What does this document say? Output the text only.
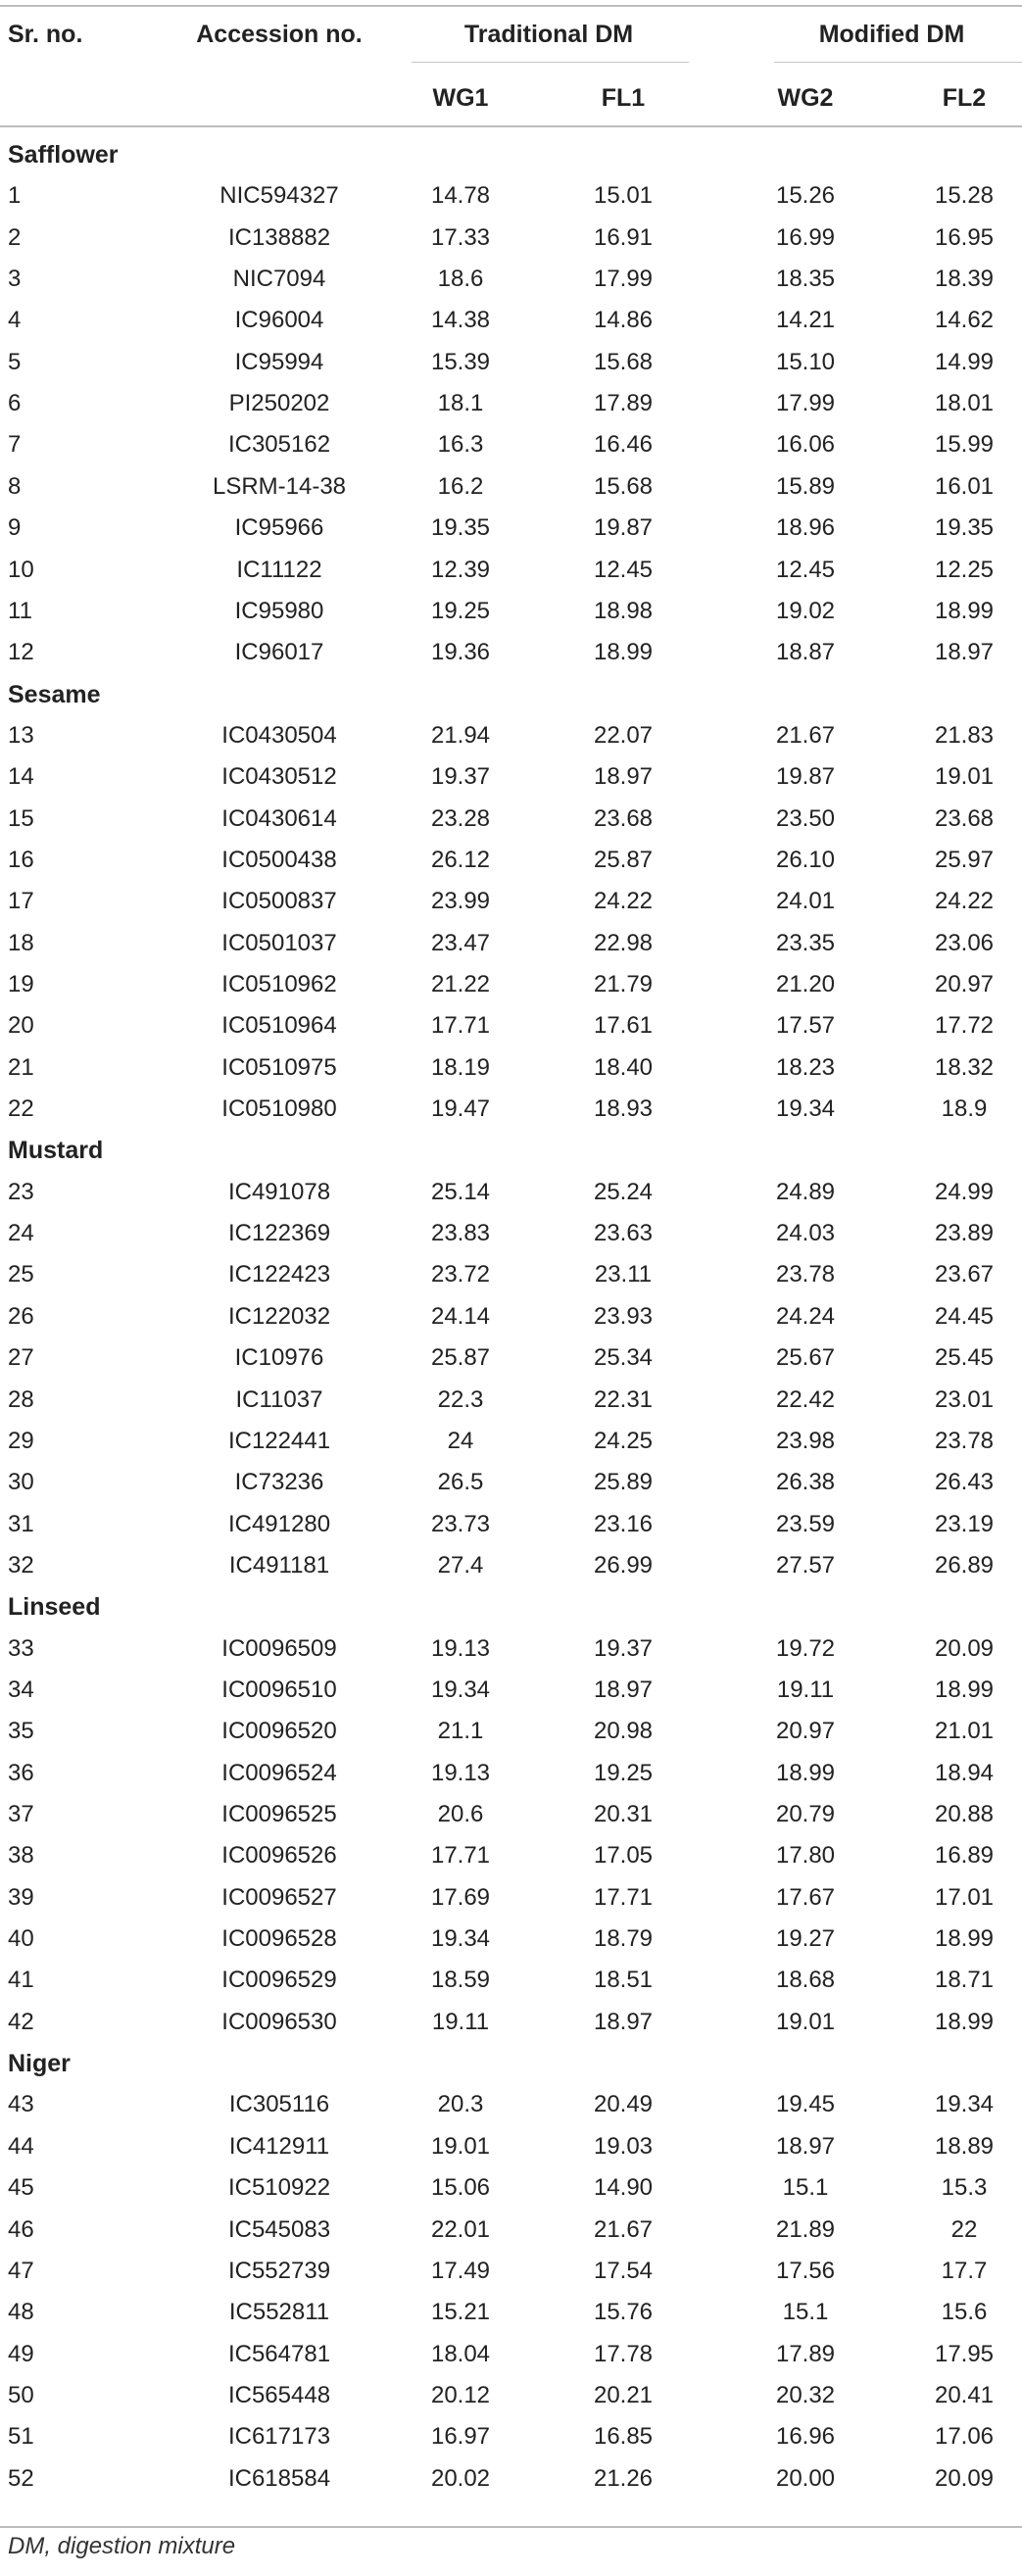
Sr. no.	Accession no.	Traditional DM	Modified DM
WG1	FL1	WG2	FL2
Safflower
1	NIC594327	14.78	15.01	15.26	15.28
2	IC138882	17.33	16.91	16.99	16.95
3	NIC7094	18.6	17.99	18.35	18.39
4	IC96004	14.38	14.86	14.21	14.62
5	IC95994	15.39	15.68	15.10	14.99
6	PI250202	18.1	17.89	17.99	18.01
7	IC305162	16.3	16.46	16.06	15.99
8	LSRM-14-38	16.2	15.68	15.89	16.01
9	IC95966	19.35	19.87	18.96	19.35
10	IC11122	12.39	12.45	12.45	12.25
11	IC95980	19.25	18.98	19.02	18.99
12	IC96017	19.36	18.99	18.87	18.97
Sesame
13	IC0430504	21.94	22.07	21.67	21.83
14	IC0430512	19.37	18.97	19.87	19.01
15	IC0430614	23.28	23.68	23.50	23.68
16	IC0500438	26.12	25.87	26.10	25.97
17	IC0500837	23.99	24.22	24.01	24.22
18	IC0501037	23.47	22.98	23.35	23.06
19	IC0510962	21.22	21.79	21.20	20.97
20	IC0510964	17.71	17.61	17.57	17.72
21	IC0510975	18.19	18.40	18.23	18.32
22	IC0510980	19.47	18.93	19.34	18.9
Mustard
23	IC491078	25.14	25.24	24.89	24.99
24	IC122369	23.83	23.63	24.03	23.89
25	IC122423	23.72	23.11	23.78	23.67
26	IC122032	24.14	23.93	24.24	24.45
27	IC10976	25.87	25.34	25.67	25.45
28	IC11037	22.3	22.31	22.42	23.01
29	IC122441	24	24.25	23.98	23.78
30	IC73236	26.5	25.89	26.38	26.43
31	IC491280	23.73	23.16	23.59	23.19
32	IC491181	27.4	26.99	27.57	26.89
Linseed
33	IC0096509	19.13	19.37	19.72	20.09
34	IC0096510	19.34	18.97	19.11	18.99
35	IC0096520	21.1	20.98	20.97	21.01
36	IC0096524	19.13	19.25	18.99	18.94
37	IC0096525	20.6	20.31	20.79	20.88
38	IC0096526	17.71	17.05	17.80	16.89
39	IC0096527	17.69	17.71	17.67	17.01
40	IC0096528	19.34	18.79	19.27	18.99
41	IC0096529	18.59	18.51	18.68	18.71
42	IC0096530	19.11	18.97	19.01	18.99
Niger
43	IC305116	20.3	20.49	19.45	19.34
44	IC412911	19.01	19.03	18.97	18.89
45	IC510922	15.06	14.90	15.1	15.3
46	IC545083	22.01	21.67	21.89	22
47	IC552739	17.49	17.54	17.56	17.7
48	IC552811	15.21	15.76	15.1	15.6
49	IC564781	18.04	17.78	17.89	17.95
50	IC565448	20.12	20.21	20.32	20.41
51	IC617173	16.97	16.85	16.96	17.06
52	IC618584	20.02	21.26	20.00	20.09
DM, digestion mixture
